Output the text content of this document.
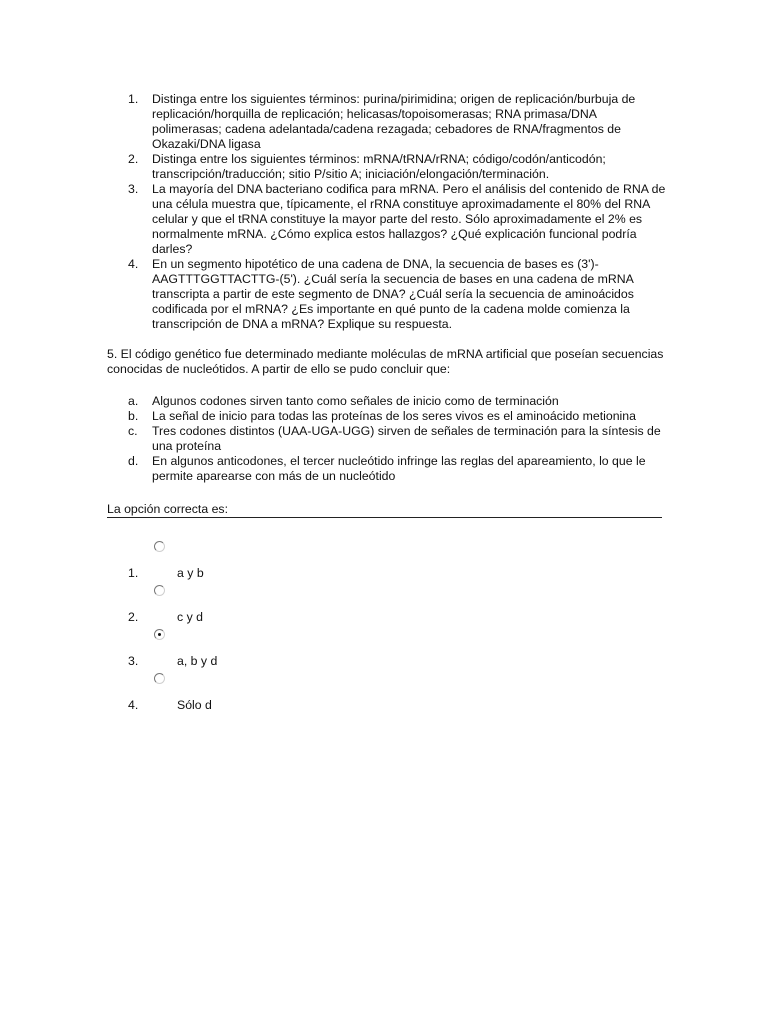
1. Distinga entre los siguientes términos: purina/pirimidina; origen de replicación/burbuja de replicación/horquilla de replicación; helicasas/topoisomerasas; RNA primasa/DNA polimerasas; cadena adelantada/cadena rezagada; cebadores de RNA/fragmentos de Okazaki/DNA ligasa
2. Distinga entre los siguientes términos: mRNA/tRNA/rRNA; código/codón/anticodón; transcripción/traducción; sitio P/sitio A; iniciación/elongación/terminación.
3. La mayoría del DNA bacteriano codifica para mRNA. Pero el análisis del contenido de RNA de una célula muestra que, típicamente, el rRNA constituye aproximadamente el 80% del RNA celular y que el tRNA constituye la mayor parte del resto. Sólo aproximadamente el 2% es normalmente mRNA. ¿Cómo explica estos hallazgos? ¿Qué explicación funcional podría darles?
4. En un segmento hipotético de una cadena de DNA, la secuencia de bases es (3')-AAGTTTGGTTACTTG-(5'). ¿Cuál sería la secuencia de bases en una cadena de mRNA transcripta a partir de este segmento de DNA? ¿Cuál sería la secuencia de aminoácidos codificada por el mRNA? ¿Es importante en qué punto de la cadena molde comienza la transcripción de DNA a mRNA? Explique su respuesta.
5. El código genético fue determinado mediante moléculas de mRNA artificial que poseían secuencias conocidas de nucleótidos. A partir de ello se pudo concluir que:
a. Algunos codones sirven tanto como señales de inicio como de terminación
b. La señal de inicio para todas las proteínas de los seres vivos es el aminoácido metionina
c. Tres codones distintos (UAA-UGA-UGG) sirven de señales de terminación para la síntesis de una proteína
d. En algunos anticodones, el tercer nucleótido infringe las reglas del apareamiento, lo que le permite aparearse con más de un nucleótido
La opción correcta es:
1.	a y b
2.	c y d
3.	a, b y d
4.	Sólo d
